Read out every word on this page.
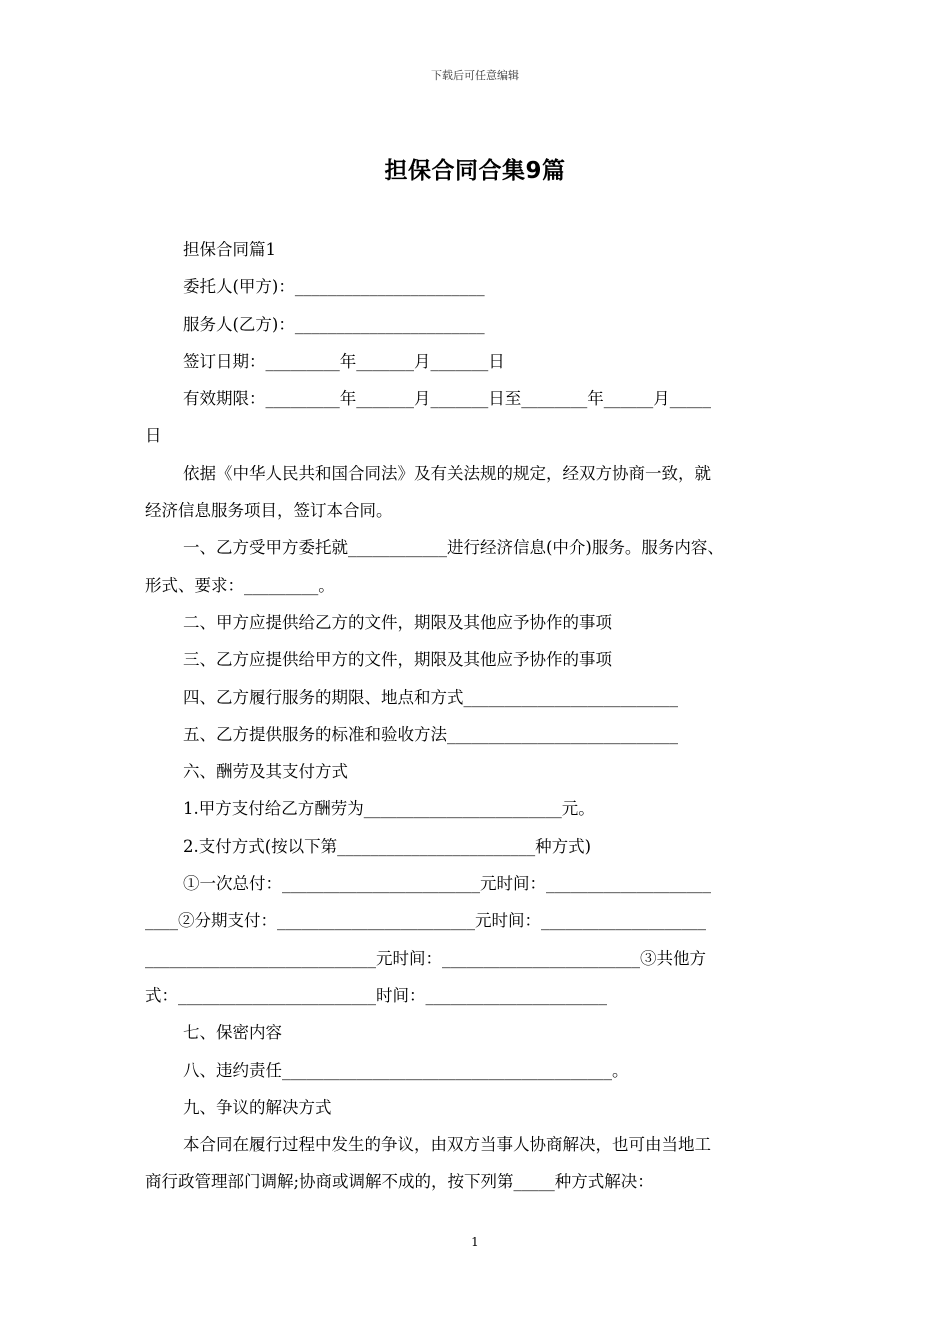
下载后可任意编辑
担保合同合集9篇

担保合同篇1

委托人(甲方)：_______________________

服务人(乙方)：_______________________

签订日期：_________年_______月_______日

有效期限：_________年_______月_______日至________年______月_____

日

依据《中华人民共和国合同法》及有关法规的规定，经双方协商一致，就

经济信息服务项目，签订本合同。

一、乙方受甲方委托就____________进行经济信息(中介)服务。服务内容、

形式、要求：_________。

二、甲方应提供给乙方的文件，期限及其他应予协作的事项

三、乙方应提供给甲方的文件，期限及其他应予协作的事项

四、乙方履行服务的期限、地点和方式__________________________

五、乙方提供服务的标准和验收方法____________________________

六、酬劳及其支付方式

1.甲方支付给乙方酬劳为________________________元。

2.支付方式(按以下第________________________种方式)

①一次总付：________________________元时间：____________________

____②分期支付：________________________元时间：____________________

____________________________元时间：________________________③共他方

式：________________________时间：______________________

七、保密内容

八、违约责任________________________________________。

九、争议的解决方式

本合同在履行过程中发生的争议，由双方当事人协商解决，也可由当地工

商行政管理部门调解;协商或调解不成的，按下列第_____种方式解决：

1
